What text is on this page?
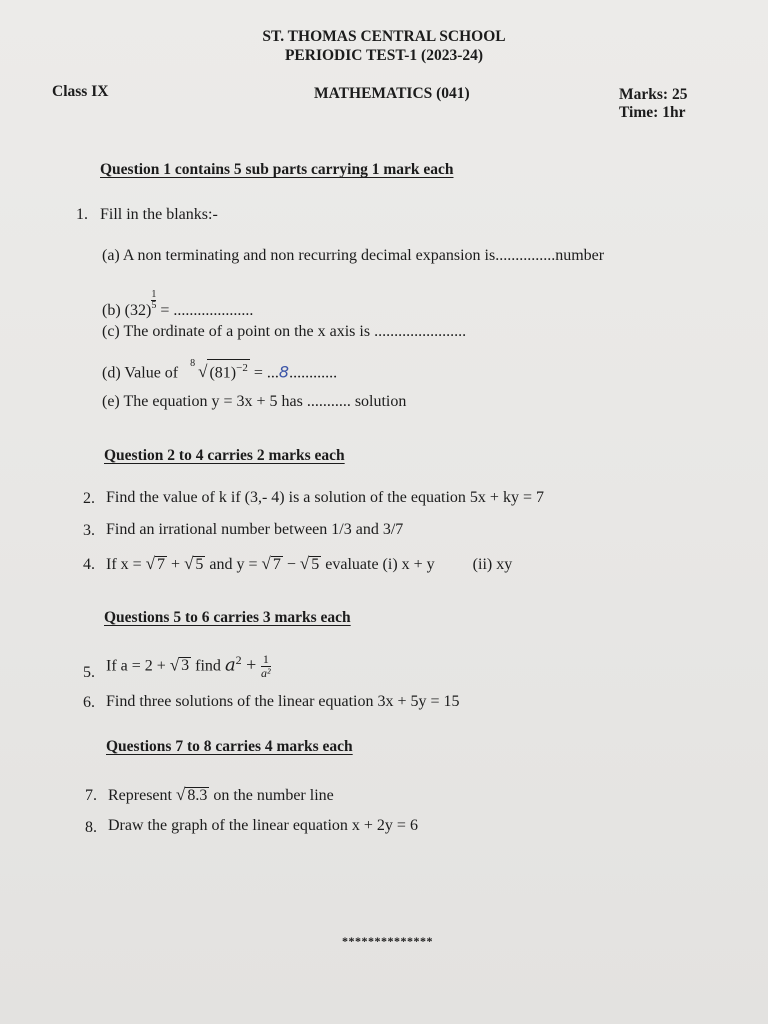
ST. THOMAS CENTRAL SCHOOL
PERIODIC TEST-1 (2023-24)
Class IX	MATHEMATICS (041)	Marks: 25
Time: 1hr
Question 1 contains 5 sub parts carrying 1 mark each
1. Fill in the blanks:-
(a) A non terminating and non recurring decimal expansion is...............number
(b) (32) $^{\frac{1}{5}}$ = ....................
(c) The ordinate of a point on the x axis is .......................
(d) Value of
8 √ $(81)^{-2} = ...8$............
(e) The equation y = 3x + 5 has ........... solution
Question 2 to 4 carries 2 marks each
2. Find the value of k if (3,- 4) is a solution of the equation 5x + ky = 7
3. Find an irrational number between 1/3 and 3/7
4. If x = √ 7 + √ 5 and y = √ 7 − √ 5 evaluate (i) x + y (ii) xy
Questions 5 to 6 carries 3 marks each
5. If a = 2 + √ 3 find $a^2 + \frac{1}{\text{a²}}$
6. Find three solutions of the linear equation 3x + 5y = 15
Questions 7 to 8 carries 4 marks each
7. Represent √ 8.3 on the number line
8. Draw the graph of the linear equation x + 2y = 6
**************
